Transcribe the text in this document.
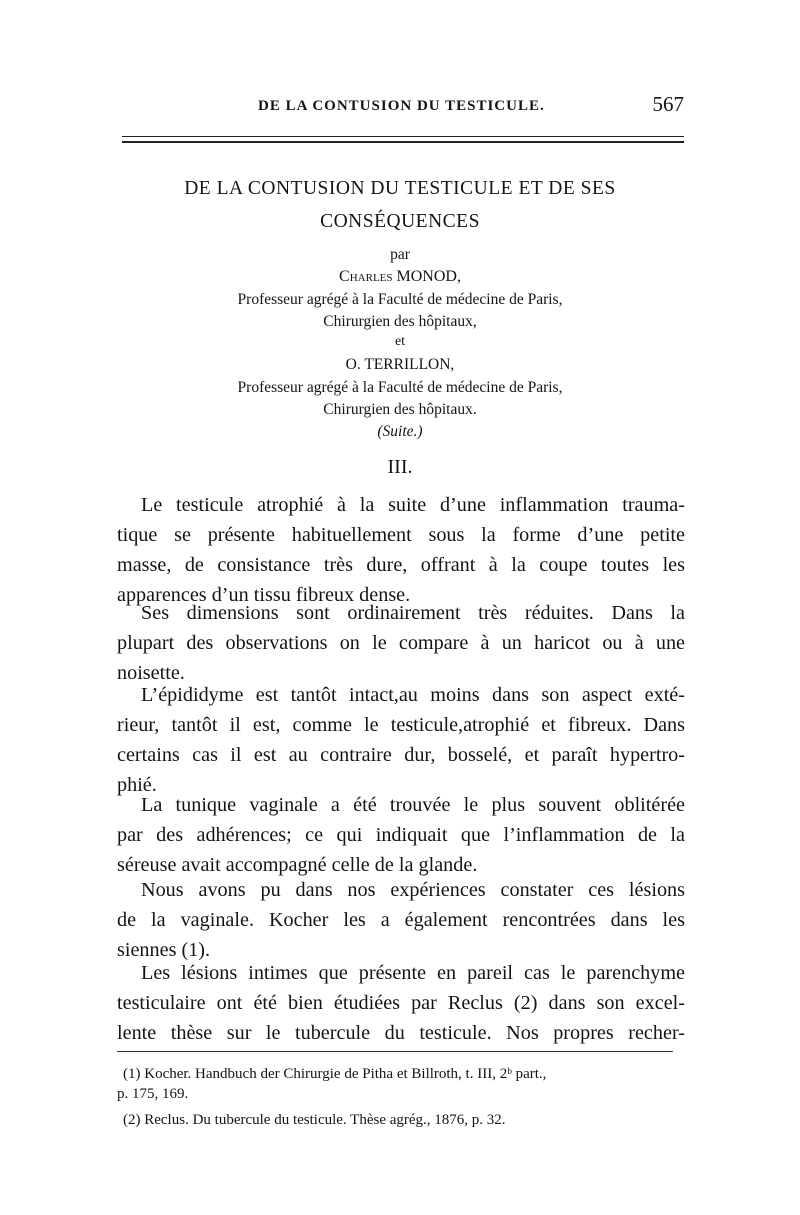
DE LA CONTUSION DU TESTICULE.	567
DE LA CONTUSION DU TESTICULE ET DE SES
CONSÉQUENCES
par
Charles MONOD,
Professeur agrégé à la Faculté de médecine de Paris,
Chirurgien des hôpitaux,
et
O. TERRILLON,
Professeur agrégé à la Faculté de médecine de Paris,
Chirurgien des hôpitaux.
(Suite.)
III.
Le testicule atrophié à la suite d’une inflammation trauma-
tique se présente habituellement sous la forme d’une petite
masse, de consistance très dure, offrant à la coupe toutes les
apparences d’un tissu fibreux dense.
Ses dimensions sont ordinairement très réduites. Dans la
plupart des observations on le compare à un haricot ou à une
noisette.
L’épididyme est tantôt intact,au moins dans son aspect exté-
rieur, tantôt il est, comme le testicule,atrophié et fibreux. Dans
certains cas il est au contraire dur, bosselé, et paraît hypertro-
phié.
La tunique vaginale a été trouvée le plus souvent oblitérée
par des adhérences; ce qui indiquait que l’inflammation de la
séreuse avait accompagné celle de la glande.
Nous avons pu dans nos expériences constater ces lésions
de la vaginale. Kocher les a également rencontrées dans les
siennes (1).
Les lésions intimes que présente en pareil cas le parenchyme
testiculaire ont été bien étudiées par Reclus (2) dans son excel-
lente thèse sur le tubercule du testicule. Nos propres recher-
(1) Kocher. Handbuch der Chirurgie de Pitha et Billroth, t. III, 2ᵇ part.,
p. 175, 169.
(2) Reclus. Du tubercule du testicule. Thèse agrég., 1876, p. 32.
